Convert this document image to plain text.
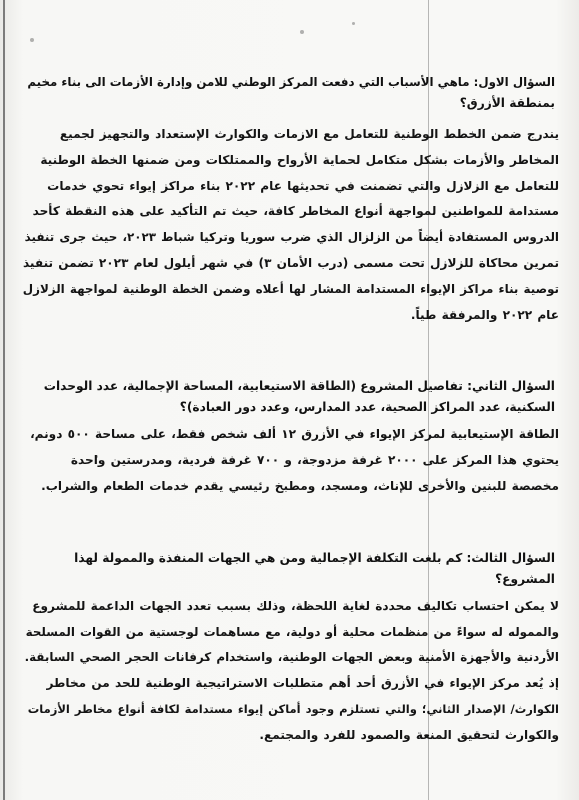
السؤال الاول: ماهي الأسباب التي دفعت المركز الوطني للامن وإدارة الأزمات الى بناء مخيم
بمنطقة الأزرق؟
يندرج ضمن الخطط الوطنية للتعامل مع الازمات والكوارث الإستعداد والتجهيز لجميع
المخاطر والأزمات بشكل متكامل لحماية الأرواح والممتلكات ومن ضمنها الخطة الوطنية
للتعامل مع الزلازل والتي تضمنت في تحديثها عام ٢٠٢٢ بناء مراكز إيواء تحوي خدمات
مستدامة للمواطنين لمواجهة أنواع المخاطر كافة، حيث تم التأكيد على هذه النقطة كأحد
الدروس المستفادة أيضاً من الزلزال الذي ضرب سوريا وتركيا شباط ٢٠٢٣، حيث جرى تنفيذ
تمرين محاكاة للزلازل تحت مسمى (درب الأمان ٣) في شهر أيلول لعام ٢٠٢٣ تضمن تنفيذ
توصية بناء مراكز الإيواء المستدامة المشار لها أعلاه وضمن الخطة الوطنية لمواجهة الزلازل
عام ٢٠٢٢ والمرفقة طياً.
السؤال الثاني: تفاصيل المشروع (الطاقة الاستيعابية، المساحة الإجمالية، عدد الوحدات
السكنية، عدد المراكز الصحية، عدد المدارس، وعدد دور العبادة)؟
الطاقة الإستيعابية لمركز الإيواء في الأزرق ١٢ ألف شخص فقط، على مساحة ٥٠٠ دونم،
يحتوي هذا المركز على ٢٠٠٠ غرفة مزدوجة، و ٧٠٠ غرفة فردية، ومدرستين واحدة
مخصصة للبنين والأخرى للإناث، ومسجد، ومطبخ رئيسي يقدم خدمات الطعام والشراب.
السؤال الثالث: كم بلغت التكلفة الإجمالية ومن هي الجهات المنفذة والممولة لهذا
المشروع؟
لا يمكن احتساب تكاليف محددة لغاية اللحظة، وذلك بسبب تعدد الجهات الداعمة للمشروع
والمموله له سواءً من منظمات محلية أو دولية، مع مساهمات لوجستية من القوات المسلحة
الأردنية والأجهزة الأمنية وبعض الجهات الوطنية، واستخدام كرفانات الحجر الصحي السابقة.
إذ يُعد مركز الإيواء في الأزرق أحد أهم متطلبات الاستراتيجية الوطنية للحد من مخاطر
الكوارث/ الإصدار الثاني؛ والتي تستلزم وجود أماكن إيواء مستدامة لكافة أنواع مخاطر الأزمات
والكوارث لتحقيق المنعة والصمود للفرد والمجتمع.
